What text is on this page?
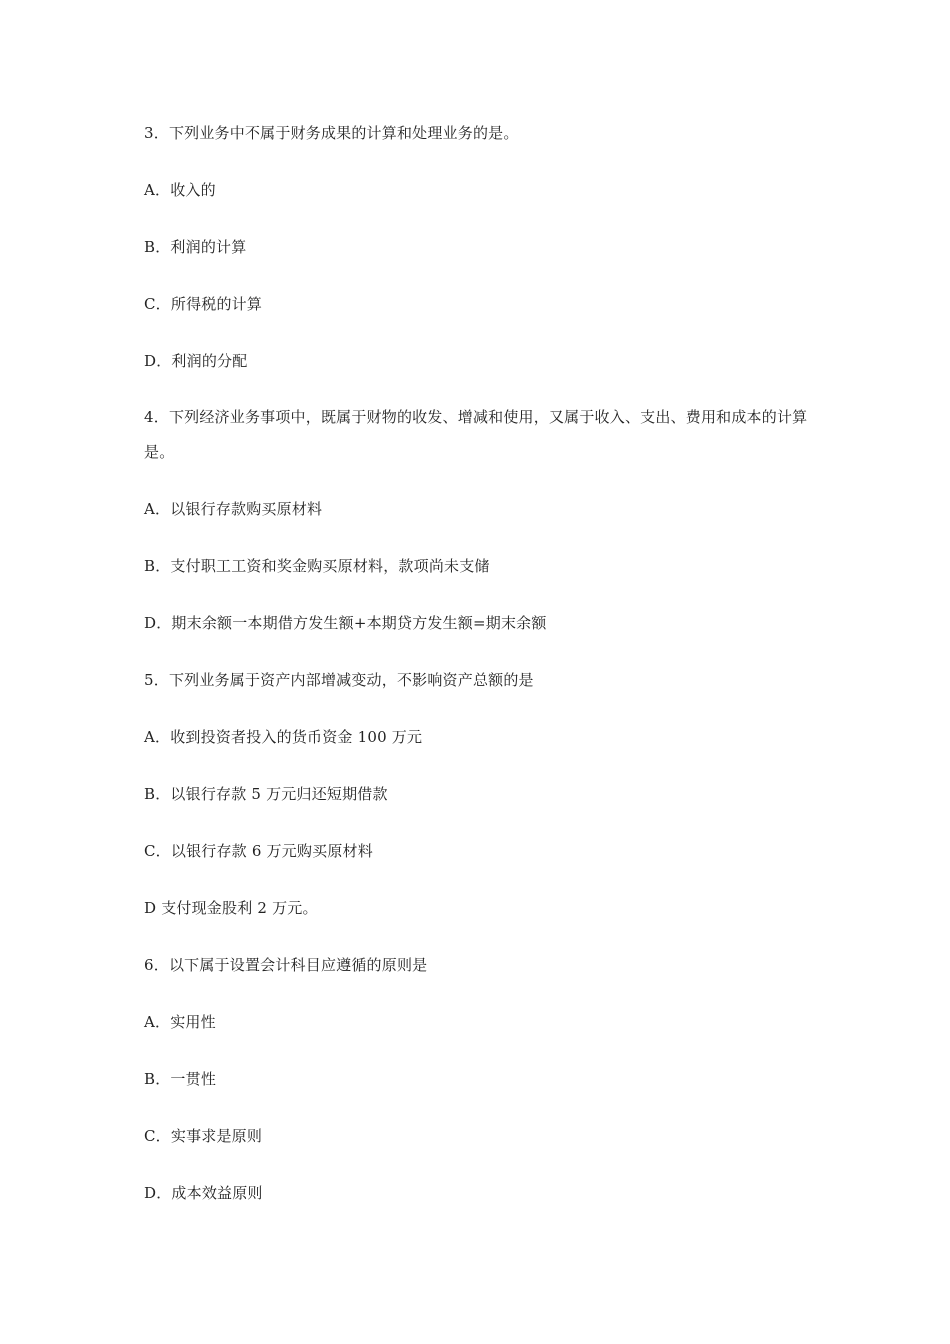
3．下列业务中不属于财务成果的计算和处理业务的是。

A．收入的

B．利润的计算

C．所得税的计算

D．利润的分配

4．下列经济业务事项中，既属于财物的收发、增减和使用，又属于收入、支出、费用和成本的计算是。

A．以银行存款购买原材料

B．支付职工工资和奖金购买原材料，款项尚未支储

D．期末余额一本期借方发生额+本期贷方发生额=期末余额

5．下列业务属于资产内部增减变动，不影响资产总额的是

A．收到投资者投入的货币资金 100 万元

B．以银行存款 5 万元归还短期借款

C．以银行存款 6 万元购买原材料

D 支付现金股利 2 万元。

6．以下属于设置会计科目应遵循的原则是

A．实用性

B．一贯性

C．实事求是原则

D．成本效益原则
